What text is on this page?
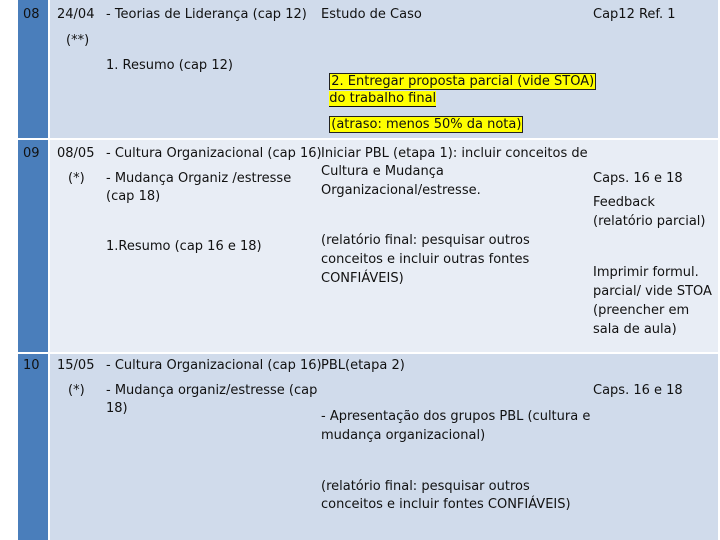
08 24/04
(**)
- Teorias de Liderança (cap 12)
1. Resumo (cap 12)
Estudo de Caso

2. Entregar proposta parcial (vide STOA)

do trabalho final

(atraso: menos 50% da nota)

Cap12 Ref. 1
09 08/05
(*)
- Cultura Organizacional (cap 16)
- Mudança Organiz /estresse
(cap 18)
1.Resumo (cap 16 e 18)
Iniciar PBL (etapa 1): incluir conceitos de
Cultura e Mudança
Organizacional/estresse.
(relatório final: pesquisar outros
conceitos e incluir outras fontes
CONFIÁVEIS)
Caps. 16 e 18
Feedback
(relatório parcial)
Imprimir formul.
parcial/ vide STOA
(preencher em
sala de aula)
10 15/05
(*)
- Cultura Organizacional (cap 16)
- Mudança organiz/estresse (cap
18)
PBL(etapa 2)
- Apresentação dos grupos PBL (cultura e
mudança organizacional)
(relatório final: pesquisar outros
conceitos e incluir fontes CONFIÁVEIS)
Caps. 16 e 18
